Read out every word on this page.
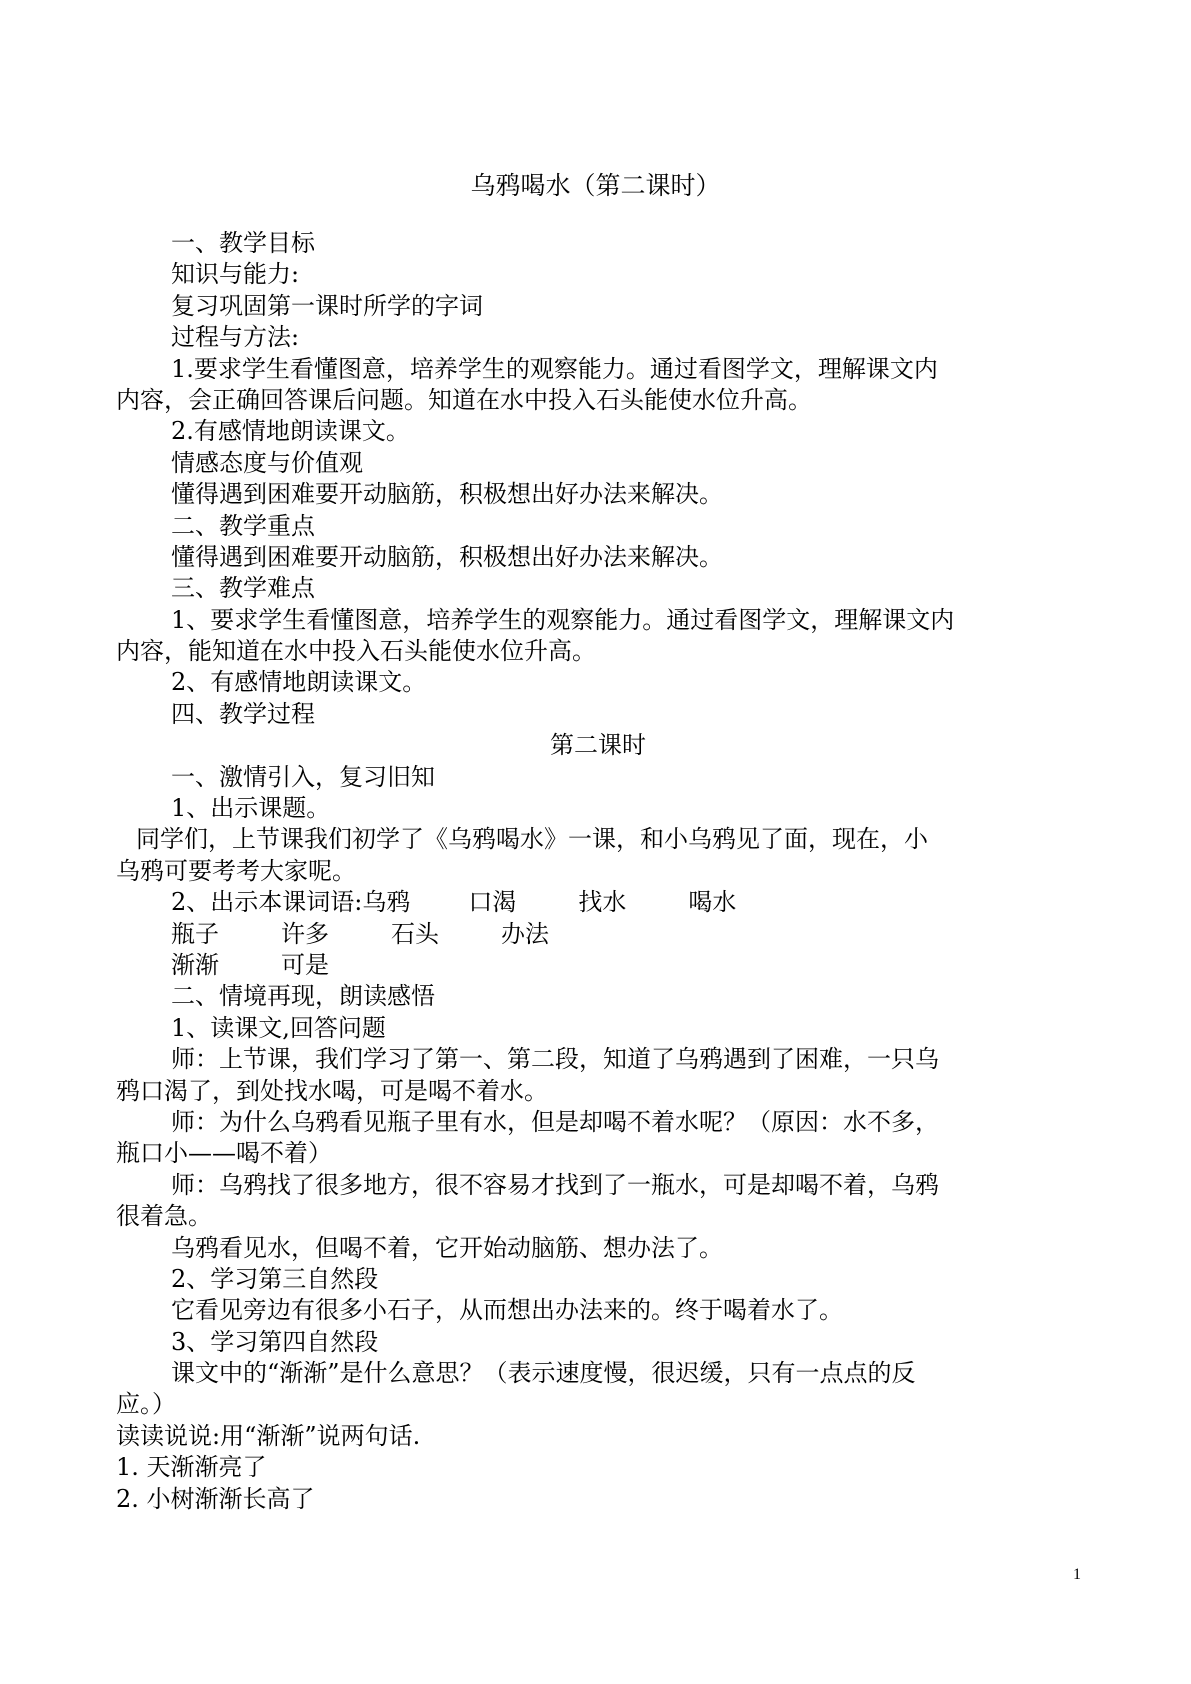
乌鸦喝水（第二课时）
一、教学目标
知识与能力:
复习巩固第一课时所学的字词
过程与方法:
1.要求学生看懂图意，培养学生的观察能力。通过看图学文，理解课文内
内容，会正确回答课后问题。知道在水中投入石头能使水位升高。
2.有感情地朗读课文。
情感态度与价值观
懂得遇到困难要开动脑筋，积极想出好办法来解决。
二、教学重点
懂得遇到困难要开动脑筋，积极想出好办法来解决。
三、教学难点
1、要求学生看懂图意，培养学生的观察能力。通过看图学文，理解课文内
内容，能知道在水中投入石头能使水位升高。
2、有感情地朗读课文。
四、教学过程
第二课时
一、激情引入，复习旧知
1、出示课题。
同学们，上节课我们初学了《乌鸦喝水》一课，和小乌鸦见了面，现在，小
乌鸦可要考考大家呢。
2、出示本课词语:乌鸦 口渴	找水	喝水
瓶子	许多	石头	办法
渐渐	可是
二、情境再现，朗读感悟
1、读课文,回答问题
师：上节课，我们学习了第一、第二段，知道了乌鸦遇到了困难，一只乌
鸦口渴了，到处找水喝，可是喝不着水。
师：为什么乌鸦看见瓶子里有水，但是却喝不着水呢？（原因：水不多，
瓶口小——喝不着）
师：乌鸦找了很多地方，很不容易才找到了一瓶水，可是却喝不着，乌鸦
很着急。
乌鸦看见水，但喝不着，它开始动脑筋、想办法了。
2、学习第三自然段
它看见旁边有很多小石子，从而想出办法来的。终于喝着水了。
3、学习第四自然段
课文中的“渐渐”是什么意思？（表示速度慢，很迟缓，只有一点点的反
应。）
读读说说:用“渐渐”说两句话.
1. 天渐渐亮了
2. 小树渐渐长高了
1
